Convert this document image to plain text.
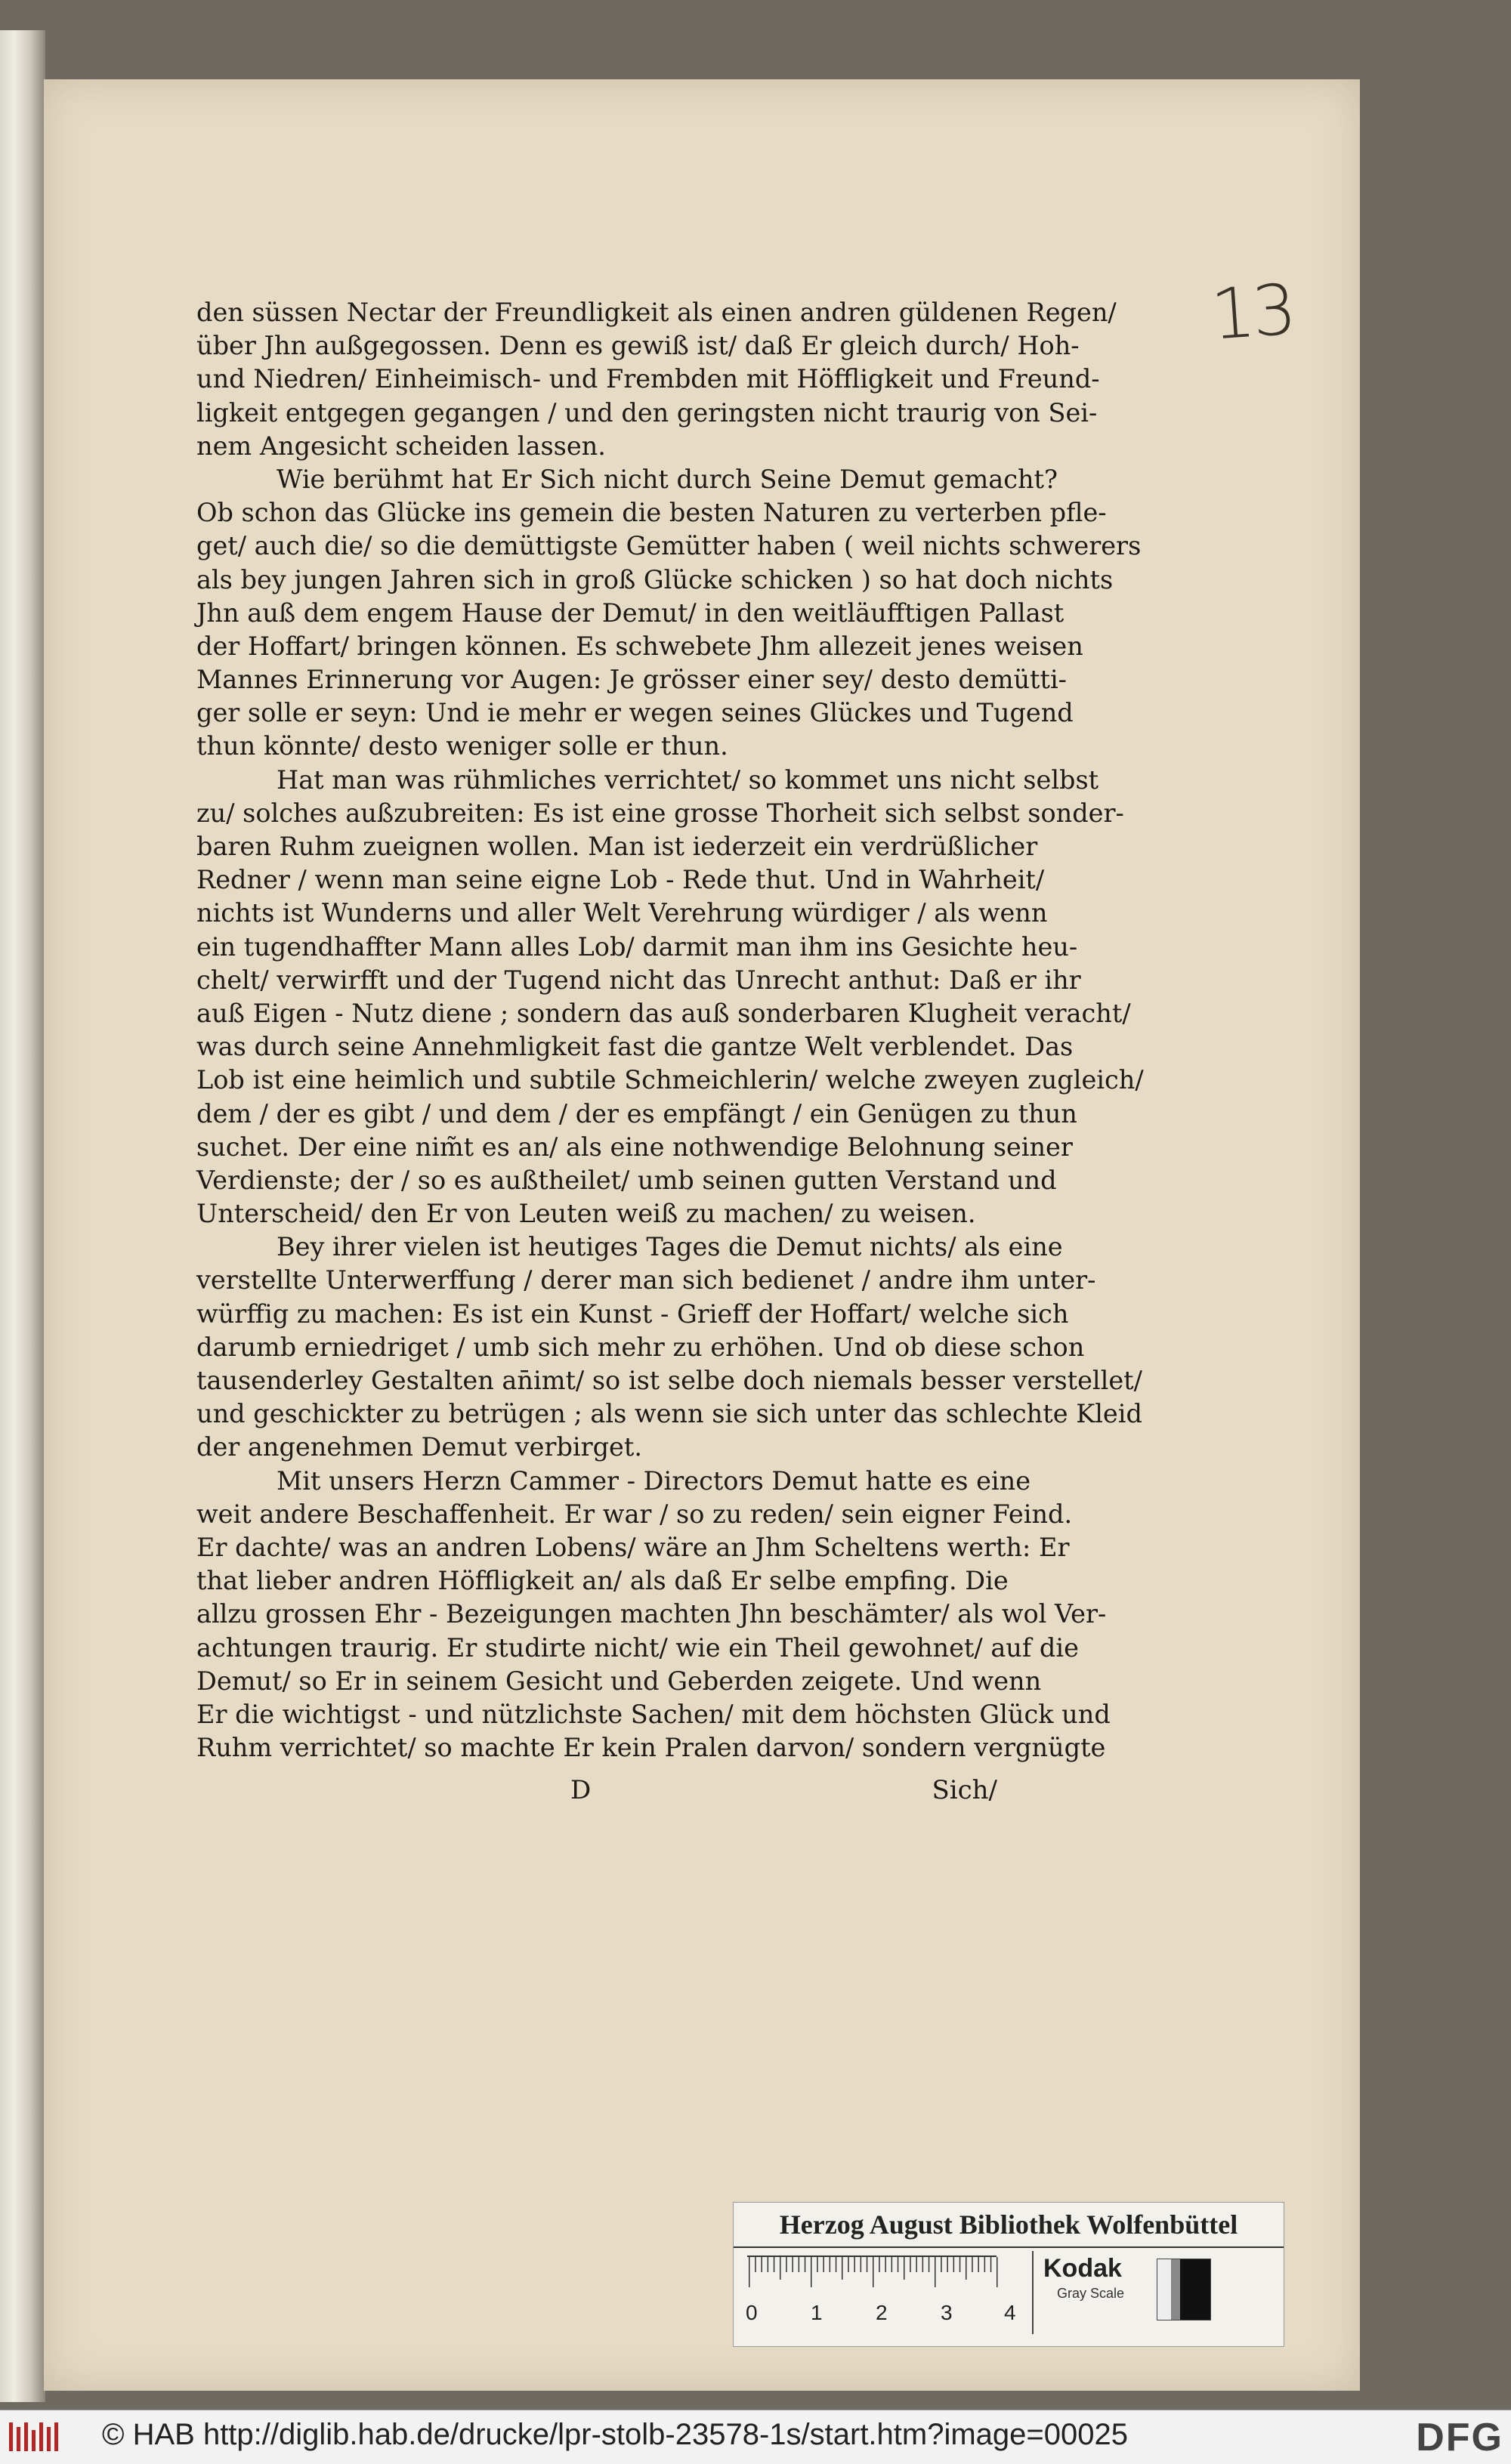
13
den süssen Nectar der Freundligkeit als einen andren güldenen Regen/
über Jhn außgegossen. Denn es gewiß ist/ daß Er gleich durch/ Hoh-
und Niedren/ Einheimisch- und Frembden mit Höffligkeit und Freund-
ligkeit entgegen gegangen / und den geringsten nicht traurig von Sei-
nem Angesicht scheiden lassen.
Wie berühmt hat Er Sich nicht durch Seine Demut gemacht?
Ob schon das Glücke ins gemein die besten Naturen zu verterben pfle-
get/ auch die/ so die demüttigste Gemütter haben ( weil nichts schwerers
als bey jungen Jahren sich in groß Glücke schicken ) so hat doch nichts
Jhn auß dem engem Hause der Demut/ in den weitläufftigen Pallast
der Hoffart/ bringen können. Es schwebete Jhm allezeit jenes weisen
Mannes Erinnerung vor Augen: Je grösser einer sey/ desto demütti-
ger solle er seyn: Und ie mehr er wegen seines Glückes und Tugend
thun könnte/ desto weniger solle er thun.
Hat man was rühmliches verrichtet/ so kommet uns nicht selbst
zu/ solches außzubreiten: Es ist eine grosse Thorheit sich selbst sonder-
baren Ruhm zueignen wollen. Man ist iederzeit ein verdrüßlicher
Redner / wenn man seine eigne Lob - Rede thut. Und in Wahrheit/
nichts ist Wunderns und aller Welt Verehrung würdiger / als wenn
ein tugendhaffter Mann alles Lob/ darmit man ihm ins Gesichte heu-
chelt/ verwirfft und der Tugend nicht das Unrecht anthut: Daß er ihr
auß Eigen - Nutz diene ; sondern das auß sonderbaren Klugheit veracht/
was durch seine Annehmligkeit fast die gantze Welt verblendet. Das
Lob ist eine heimlich und subtile Schmeichlerin/ welche zweyen zugleich/
dem / der es gibt / und dem / der es empfängt / ein Genügen zu thun
suchet. Der eine nim̃t es an/ als eine nothwendige Belohnung seiner
Verdienste; der / so es außtheilet/ umb seinen gutten Verstand und
Unterscheid/ den Er von Leuten weiß zu machen/ zu weisen.
Bey ihrer vielen ist heutiges Tages die Demut nichts/ als eine
verstellte Unterwerffung / derer man sich bedienet / andre ihm unter-
würffig zu machen: Es ist ein Kunst - Grieff der Hoffart/ welche sich
darumb erniedriget / umb sich mehr zu erhöhen. Und ob diese schon
tausenderley Gestalten an̄imt/ so ist selbe doch niemals besser verstellet/
und geschickter zu betrügen ; als wenn sie sich unter das schlechte Kleid
der angenehmen Demut verbirget.
Mit unsers Herzn Cammer - Directors Demut hatte es eine
weit andere Beschaffenheit. Er war / so zu reden/ sein eigner Feind.
Er dachte/ was an andren Lobens/ wäre an Jhm Scheltens werth: Er
that lieber andren Höffligkeit an/ als daß Er selbe empfing. Die
allzu grossen Ehr - Bezeigungen machten Jhn beschämter/ als wol Ver-
achtungen traurig. Er studirte nicht/ wie ein Theil gewohnet/ auf die
Demut/ so Er in seinem Gesicht und Geberden zeigete. Und wenn
Er die wichtigst - und nützlichste Sachen/ mit dem höchsten Glück und
Ruhm verrichtet/ so machte Er kein Pralen darvon/ sondern vergnügte
D	Sich/
Herzog August Bibliothek Wolfenbüttel
0	1	2	3 4
Kodak
Gray Scale
© HAB http://diglib.hab.de/drucke/lpr-stolb-23578-1s/start.htm?image=00025	DFG
